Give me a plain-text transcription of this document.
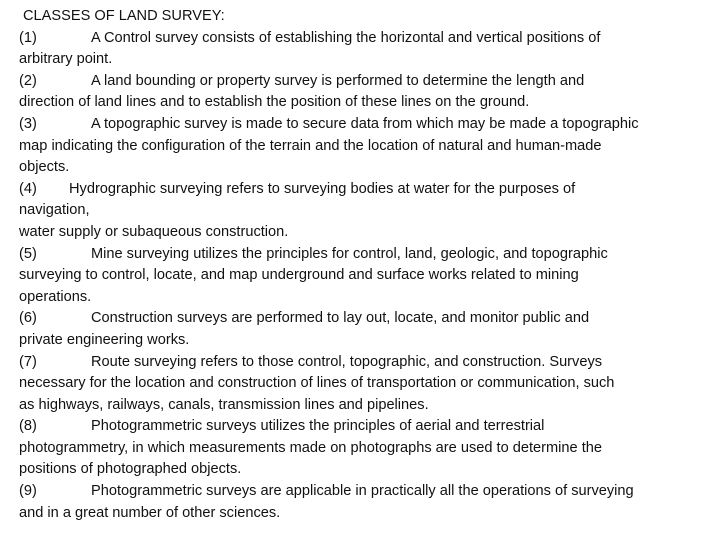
CLASSES OF LAND SURVEY:
(1)	A Control survey consists of establishing the horizontal and vertical positions of
arbitrary point.
(2)	A land bounding or property survey is performed to determine the length and
direction of land lines and to establish the position of these lines on the ground.
(3)	A topographic survey is made to secure data from which may be made a topographic
map indicating the configuration of the terrain and the location of natural and human-made
objects.
(4) Hydrographic surveying refers to surveying bodies at water for the purposes of
navigation,
water supply or subaqueous construction.
(5)	Mine surveying utilizes the principles for control, land, geologic, and topographic
surveying to control, locate, and map underground and surface works related to mining
operations.
(6)	Construction surveys are performed to lay out, locate, and monitor public and
private engineering works.
(7)	Route surveying refers to those control, topographic, and construction. Surveys
necessary for the location and construction of lines of transportation or communication, such
as highways, railways, canals, transmission lines and pipelines.
(8)	Photogrammetric surveys utilizes the principles of aerial and terrestrial
photogrammetry, in which measurements made on photographs are used to determine the
positions of photographed objects.
(9)	Photogrammetric surveys are applicable in practically all the operations of surveying
and in a great number of other sciences.
